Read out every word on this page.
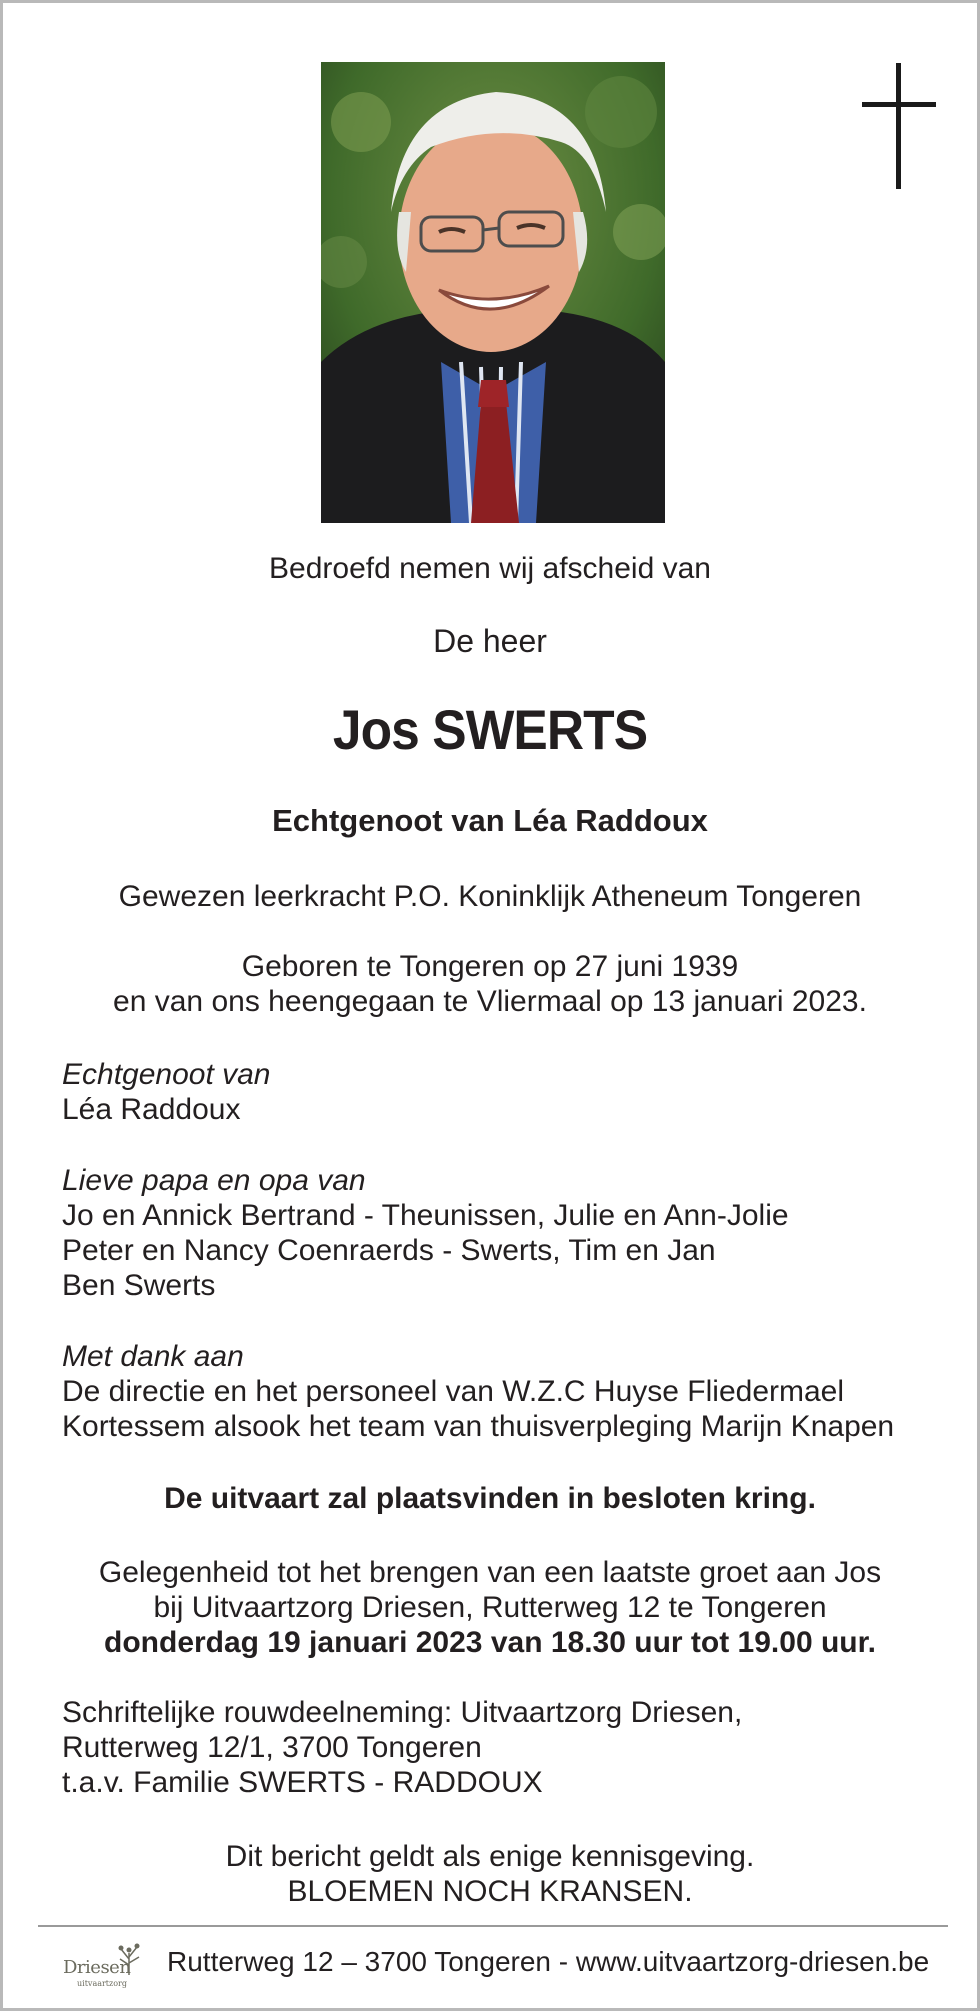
Bedroefd nemen wij afscheid van
De heer
Jos SWERTS
Echtgenoot van Léa Raddoux
Gewezen leerkracht P.O. Koninklijk Atheneum Tongeren
Geboren te Tongeren op 27 juni 1939
en van ons heengegaan te Vliermaal op 13 januari 2023.
Echtgenoot van
Léa Raddoux
Lieve papa en opa van
Jo en Annick Bertrand - Theunissen, Julie en Ann-Jolie
Peter en Nancy Coenraerds - Swerts, Tim en Jan
Ben Swerts
Met dank aan
De directie en het personeel van W.Z.C Huyse Fliedermael
Kortessem alsook het team van thuisverpleging Marijn Knapen
De uitvaart zal plaatsvinden in besloten kring.
Gelegenheid tot het brengen van een laatste groet aan Jos
bij Uitvaartzorg Driesen, Rutterweg 12 te Tongeren
donderdag 19 januari 2023 van 18.30 uur tot 19.00 uur.
Schriftelijke rouwdeelneming: Uitvaartzorg Driesen,
Rutterweg 12/1, 3700 Tongeren
t.a.v. Familie SWERTS - RADDOUX
Dit bericht geldt als enige kennisgeving.
BLOEMEN NOCH KRANSEN.
Driesen
uitvaartzorg
Rutterweg 12 – 3700 Tongeren - www.uitvaartzorg-driesen.be
